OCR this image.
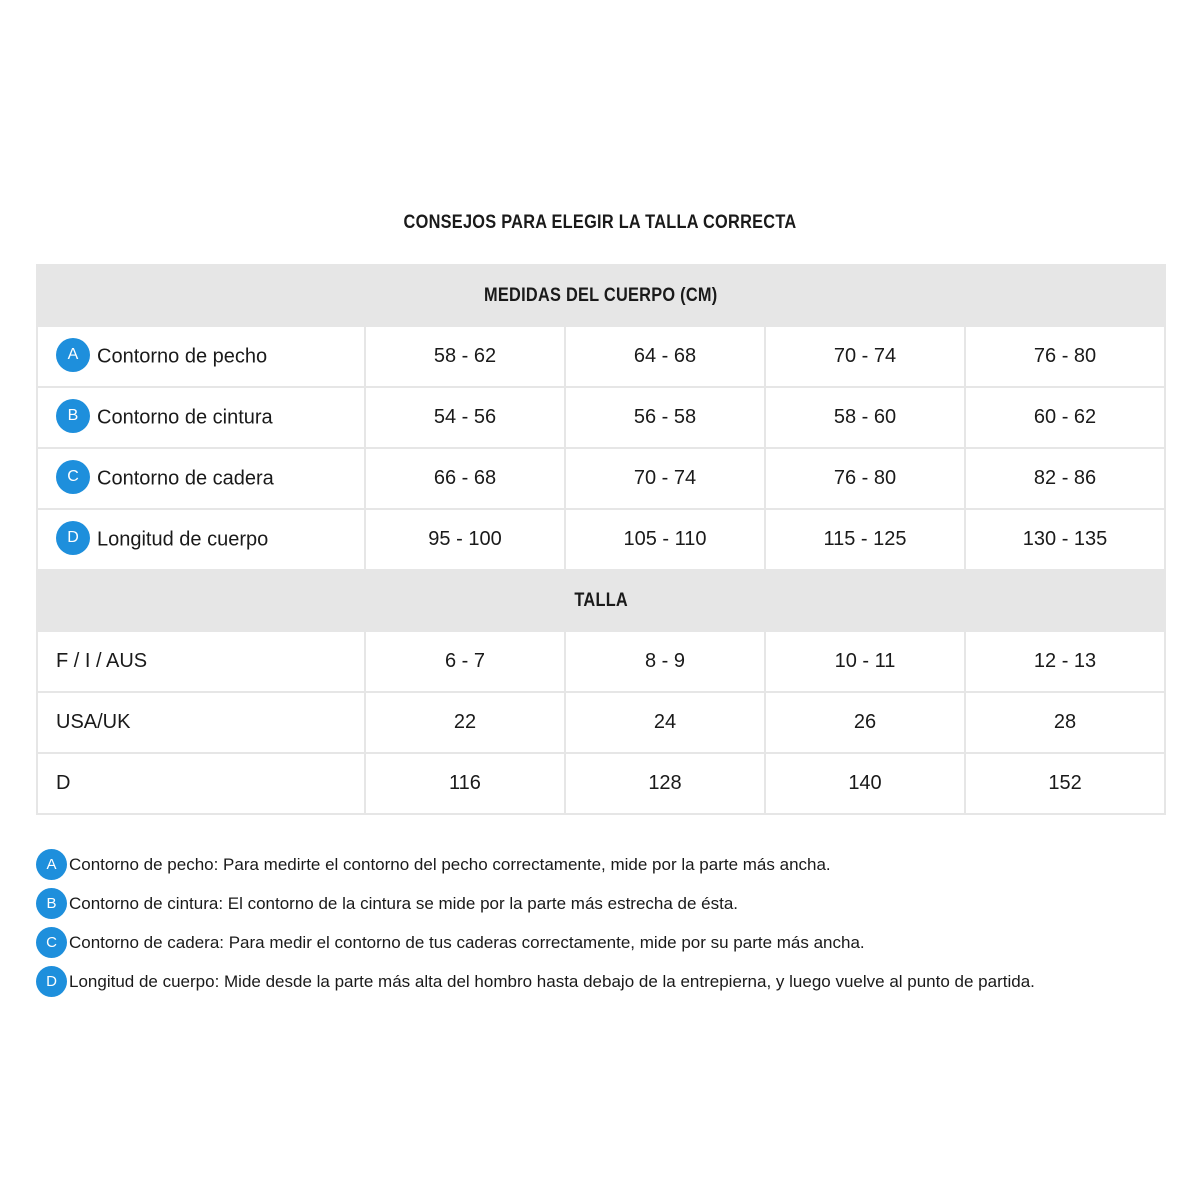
CONSEJOS PARA ELEGIR LA TALLA CORRECTA
MEDIDAS DEL CUERPO (CM)				
A Contorno de pecho	58 - 62	64 - 68	70 - 74	76 - 80
B Contorno de cintura	54 - 56	56 - 58	58 - 60	60 - 62
C Contorno de cadera	66 - 68	70 - 74	76 - 80	82 - 86
D Longitud de cuerpo	95 - 100	105 - 110	115 - 125	130 - 135
TALLA				
F / I / AUS	6 - 7	8 - 9	10 - 11	12 - 13
USA/UK	22	24	26	28
D	116	128	140	152
A Contorno de pecho: Para medirte el contorno del pecho correctamente, mide por la parte más ancha.
B Contorno de cintura: El contorno de la cintura se mide por la parte más estrecha de ésta.
C Contorno de cadera: Para medir el contorno de tus caderas correctamente, mide por su parte más ancha.
D Longitud de cuerpo: Mide desde la parte más alta del hombro hasta debajo de la entrepierna, y luego vuelve al punto de partida.
